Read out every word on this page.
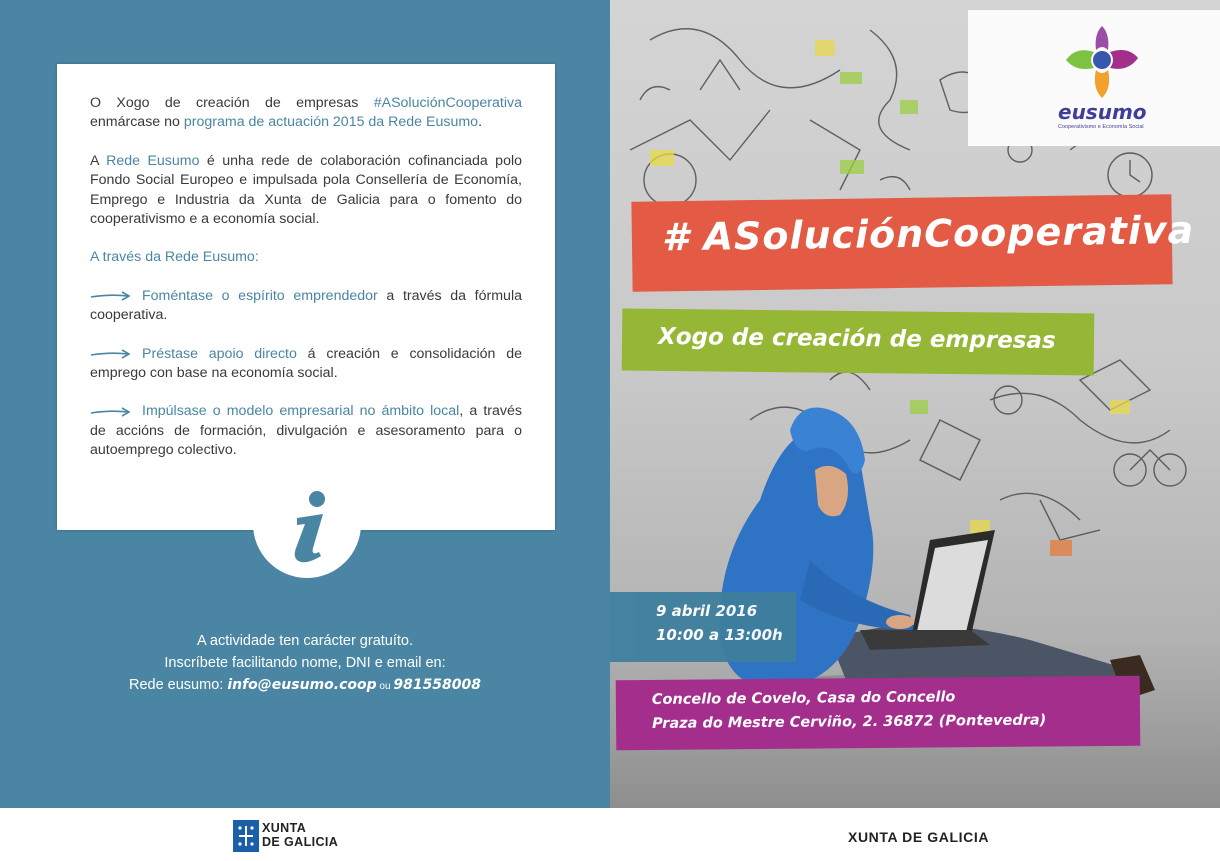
O Xogo de creación de empresas #ASoluciónCooperativa enmárcase no programa de actuación 2015 da Rede Eusumo.

A Rede Eusumo é unha rede de colaboración cofinanciada polo Fondo Social Europeo e impulsada pola Consellería de Economía, Emprego e Industria da Xunta de Galicia para o fomento do cooperativismo e a economía social.

A través da Rede Eusumo:

Foméntase o espírito emprendedor a través da fórmula cooperativa.

Préstase apoio directo á creación e consolidación de emprego con base na economía social.

Impúlsase o modelo empresarial no ámbito local, a través de accións de formación, divulgación e asesoramento para o autoemprego colectivo.

A actividade ten carácter gratuíto.
Inscríbete facilitando nome, DNI e email en:
Rede eusumo: info@eusumo.coop ou 981558008
eusumo
Cooperativismo e Economía Social
# ASoluciónCooperativa
Xogo de creación de empresas
9 abril 2016
10:00 a 13:00h
Concello de Covelo, Casa do Concello
Praza do Mestre Cerviño, 2. 36872 (Pontevedra)
XUNTA
DE GALICIA	XUNTA DE GALICIA
